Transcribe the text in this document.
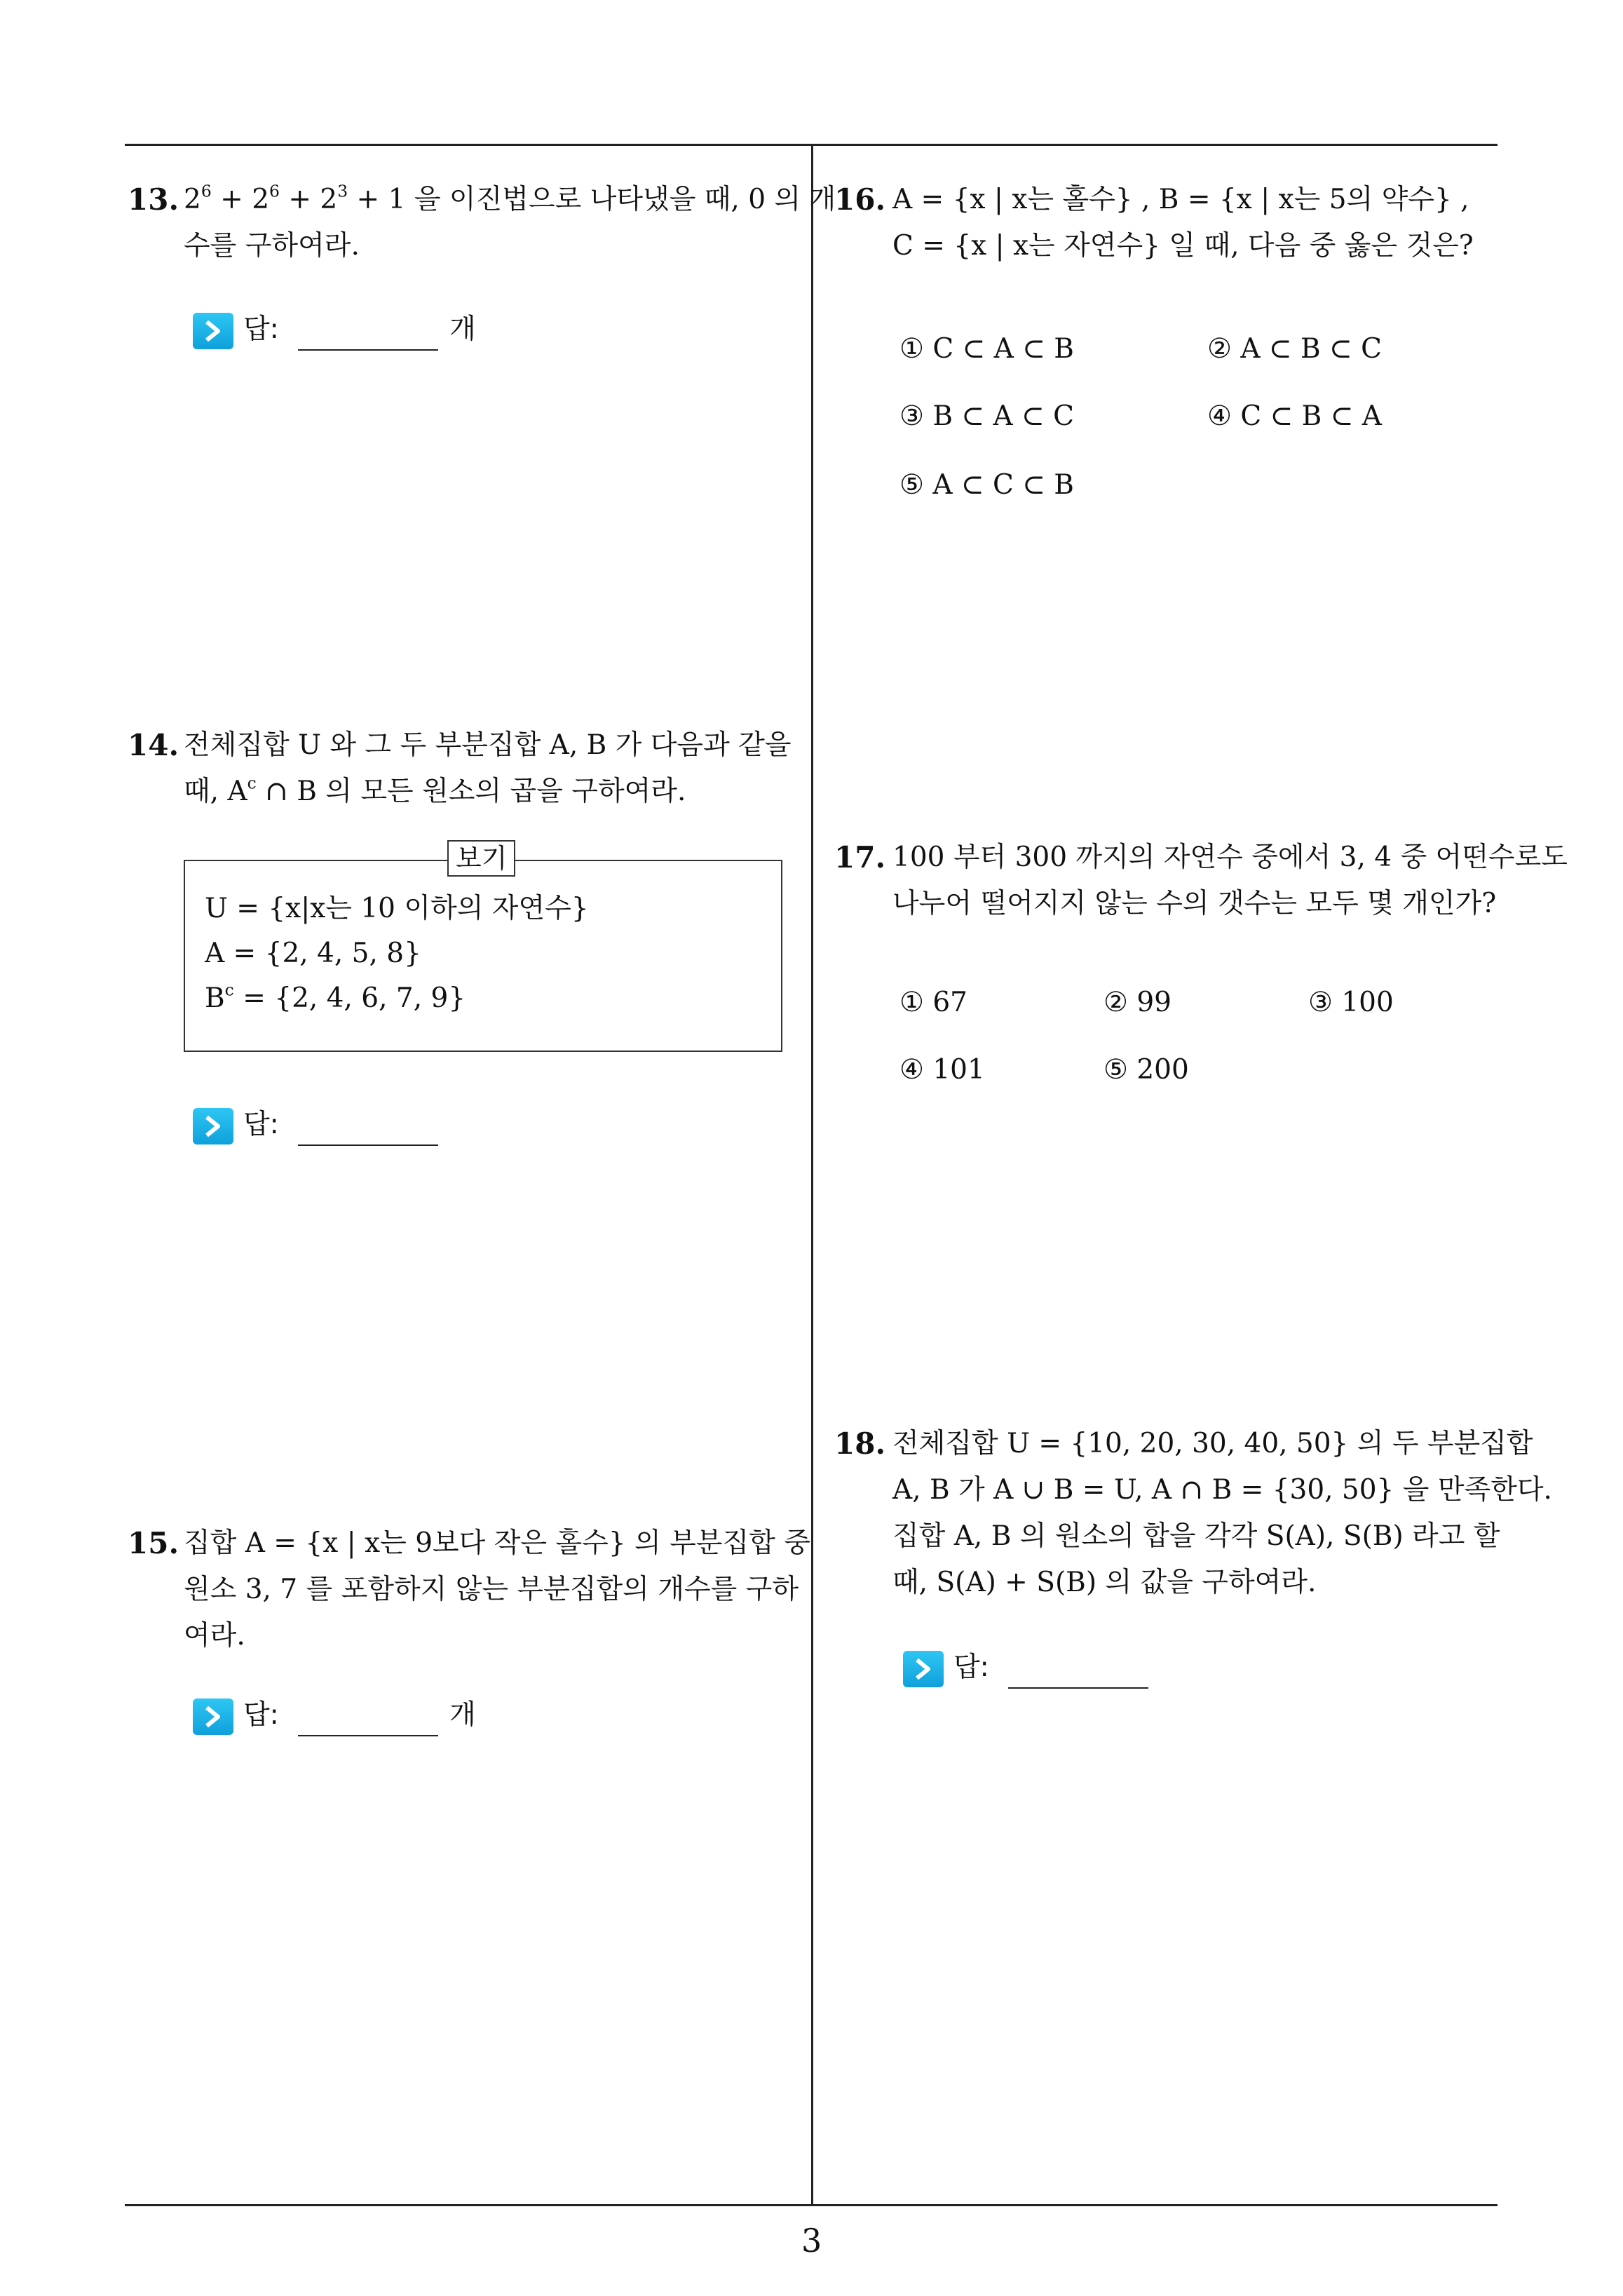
13. $2^6 + 2^6 + 2^3 + 1$ 을 이진법으로 나타냈을 때, 0 의 개
수를 구하여라.
답:	개
14. 전체집합 U 와 그 두 부분집합 A, B 가 다음과 같을
때, $A^c$ ∩ B 의 모든 원소의 곱을 구하여라.
보기
U = {x|x는 10 이하의 자연수}
A = {2, 4, 5, 8}
$B^c = \{2$, 4, 6, 7, 9}
답:
15. 집합 A = {x | x는 9보다 작은 홀수} 의 부분집합 중
원소 3, 7 를 포함하지 않는 부분집합의 개수를 구하
여라.
답:	개
16. A = {x | x는 홀수} , B = {x | x는 5의 약수} ,
C = {x | x는 자연수} 일 때, 다음 중 옳은 것은?
① C ⊂ A ⊂ B	② A ⊂ B ⊂ C
③ B ⊂ A ⊂ C	④ C ⊂ B ⊂ A
⑤ A ⊂ C ⊂ B
17. 100 부터 300 까지의 자연수 중에서 3, 4 중 어떤수로도
나누어 떨어지지 않는 수의 갯수는 모두 몇 개인가?
① 67	② 99	③ 100
④ 101	⑤ 200
18. 전체집합 U = {10, 20, 30, 40, 50} 의 두 부분집합
A, B 가 A ∪ B = U, A ∩ B = {30, 50} 을 만족한다.
집합 A, B 의 원소의 합을 각각 S(A), S(B) 라고 할
때, S(A) + S(B) 의 값을 구하여라.
답:
3
